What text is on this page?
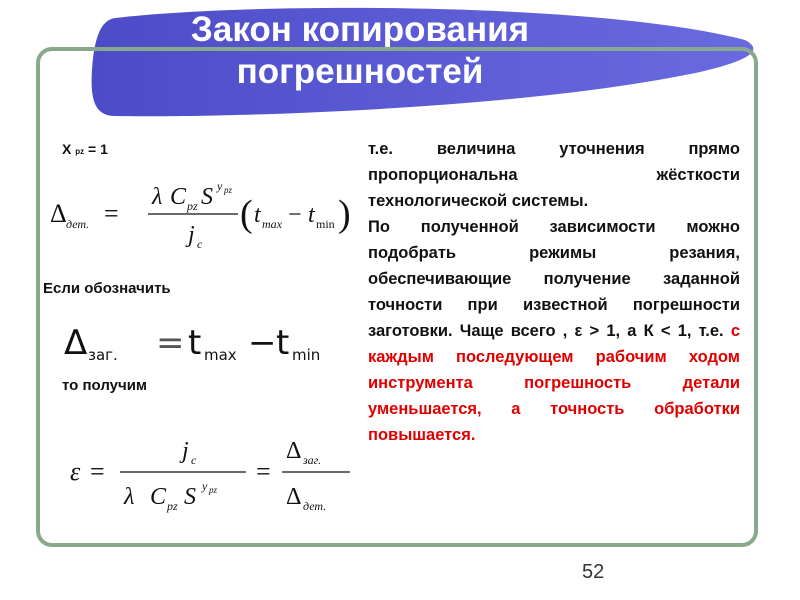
Закон копирования
погрешностей
X pz = 1
Δ дет. =
λ C pz S y pz
j c
( t max − t min )
Если обозначить
Δ заг. = t max − t min
то получим
ε =
j c
λ C pz S y pz
=
Δ заг.
Δ дет.

т.е. величина уточнения прямо пропорциональна жёсткости технологической системы.

По полученной зависимости можно подобрать режимы резания, обеспечивающие получение заданной точности при известной погрешности заготовки. Чаще всего , ε > 1, а К < 1, т.е. с каждым последующем рабочим ходом инструмента погрешность детали уменьшается, а точность обработки повышается.

52
